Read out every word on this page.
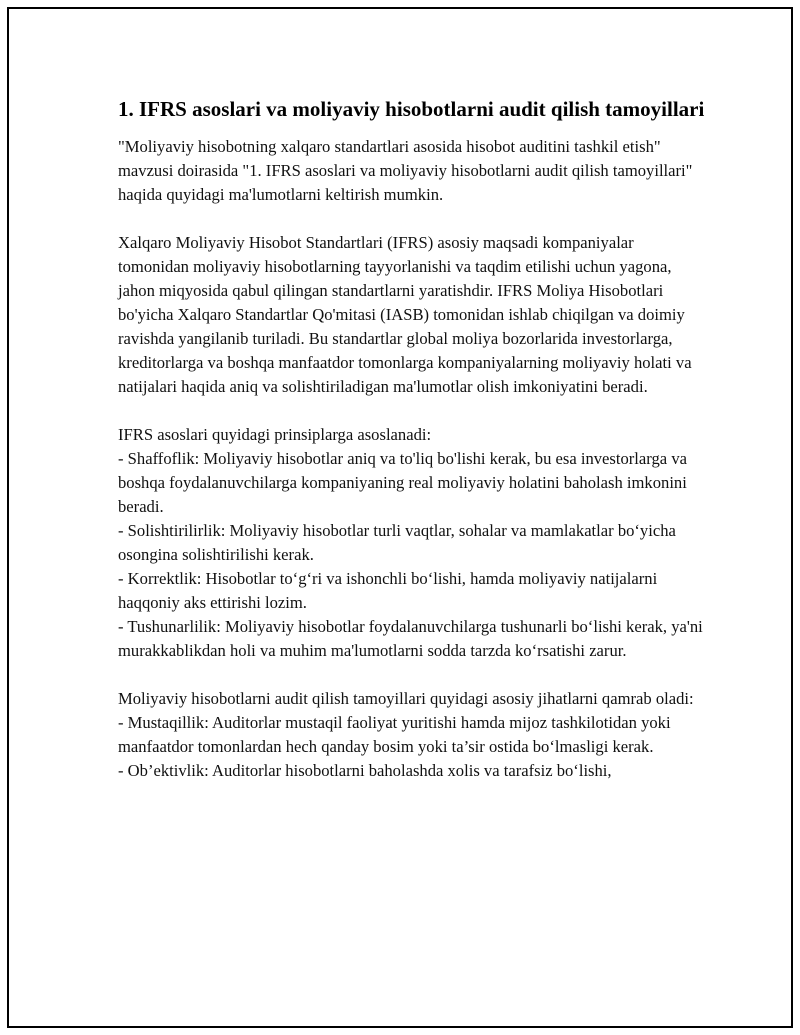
1. IFRS asoslari va moliyaviy hisobotlarni audit qilish tamoyillari

"Moliyaviy hisobotning xalqaro standartlari asosida hisobot auditini tashkil etish" mavzusi doirasida "1. IFRS asoslari va moliyaviy hisobotlarni audit qilish tamoyillari" haqida quyidagi ma'lumotlarni keltirish mumkin.

Xalqaro Moliyaviy Hisobot Standartlari (IFRS) asosiy maqsadi kompaniyalar tomonidan moliyaviy hisobotlarning tayyorlanishi va taqdim etilishi uchun yagona, jahon miqyosida qabul qilingan standartlarni yaratishdir. IFRS Moliya Hisobotlari bo'yicha Xalqaro Standartlar Qo'mitasi (IASB) tomonidan ishlab chiqilgan va doimiy ravishda yangilanib turiladi. Bu standartlar global moliya bozorlarida investorlarga, kreditorlarga va boshqa manfaatdor tomonlarga kompaniyalarning moliyaviy holati va natijalari haqida aniq va solishtiriladigan ma'lumotlar olish imkoniyatini beradi.

IFRS asoslari quyidagi prinsiplarga asoslanadi:

- Shaffoflik: Moliyaviy hisobotlar aniq va to'liq bo'lishi kerak, bu esa investorlarga va boshqa foydalanuvchilarga kompaniyaning real moliyaviy holatini baholash imkonini beradi.

- Solishtirilirlik: Moliyaviy hisobotlar turli vaqtlar, sohalar va mamlakatlar bo‘yicha osongina solishtirilishi kerak.

- Korrektlik: Hisobotlar to‘g‘ri va ishonchli bo‘lishi, hamda moliyaviy natijalarni haqqoniy aks ettirishi lozim.

- Tushunarlilik: Moliyaviy hisobotlar foydalanuvchilarga tushunarli bo‘lishi kerak, ya'ni murakkablikdan holi va muhim ma'lumotlarni sodda tarzda ko‘rsatishi zarur.

Moliyaviy hisobotlarni audit qilish tamoyillari quyidagi asosiy jihatlarni qamrab oladi:

- Mustaqillik: Auditorlar mustaqil faoliyat yuritishi hamda mijoz tashkilotidan yoki manfaatdor tomonlardan hech qanday bosim yoki ta’sir ostida bo‘lmasligi kerak.

- Ob’ektivlik: Auditorlar hisobotlarni baholashda xolis va tarafsiz bo‘lishi,
